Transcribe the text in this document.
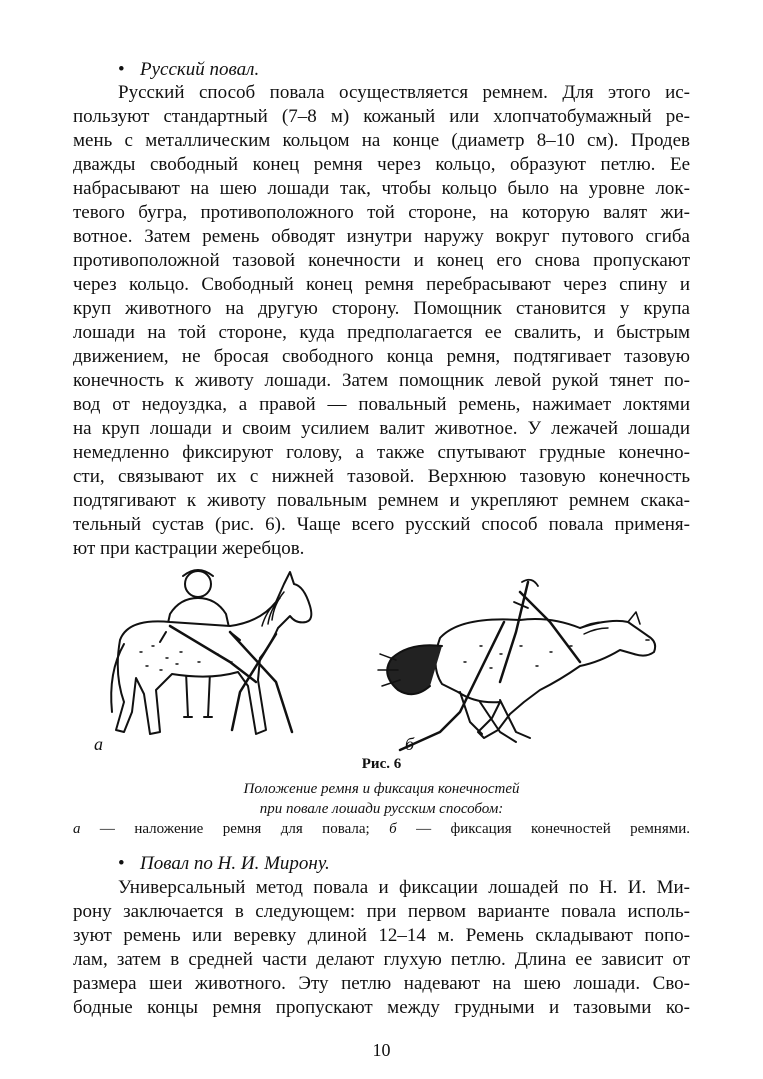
• Русский повал.
Русский способ повала осуществляется ремнем. Для этого ис-
пользуют стандартный (7–8 м) кожаный или хлопчатобумажный ре-
мень с металлическим кольцом на конце (диаметр 8–10 см). Продев
дважды свободный конец ремня через кольцо, образуют петлю. Ее
набрасывают на шею лошади так, чтобы кольцо было на уровне лок-
тевого бугра, противоположного той стороне, на которую валят жи-
вотное. Затем ремень обводят изнутри наружу вокруг путового сгиба
противоположной тазовой конечности и конец его снова пропускают
через кольцо. Свободный конец ремня перебрасывают через спину и
круп животного на другую сторону. Помощник становится у крупа
лошади на той стороне, куда предполагается ее свалить, и быстрым
движением, не бросая свободного конца ремня, подтягивает тазовую
конечность к животу лошади. Затем помощник левой рукой тянет по-
вод от недоуздка, а правой — повальный ремень, нажимает локтями
на круп лошади и своим усилием валит животное. У лежачей лошади
немедленно фиксируют голову, а также спутывают грудные конечно-
сти, связывают их с нижней тазовой. Верхнюю тазовую конечность
подтягивают к животу повальным ремнем и укрепляют ремнем скака-
тельный сустав (рис. 6). Чаще всего русский способ повала применя-
ют при кастрации жеребцов.
а	б
Рис. 6
Положение ремня и фиксация конечностей
при повале лошади русским способом:
а — наложение ремня для повала; б — фиксация конечностей ремнями.
• Повал по Н. И. Мирону.
Универсальный метод повала и фиксации лошадей по Н. И. Ми-
рону заключается в следующем: при первом варианте повала исполь-
зуют ремень или веревку длиной 12–14 м. Ремень складывают попо-
лам, затем в средней части делают глухую петлю. Длина ее зависит от
размера шеи животного. Эту петлю надевают на шею лошади. Сво-
бодные концы ремня пропускают между грудными и тазовыми ко-
10
